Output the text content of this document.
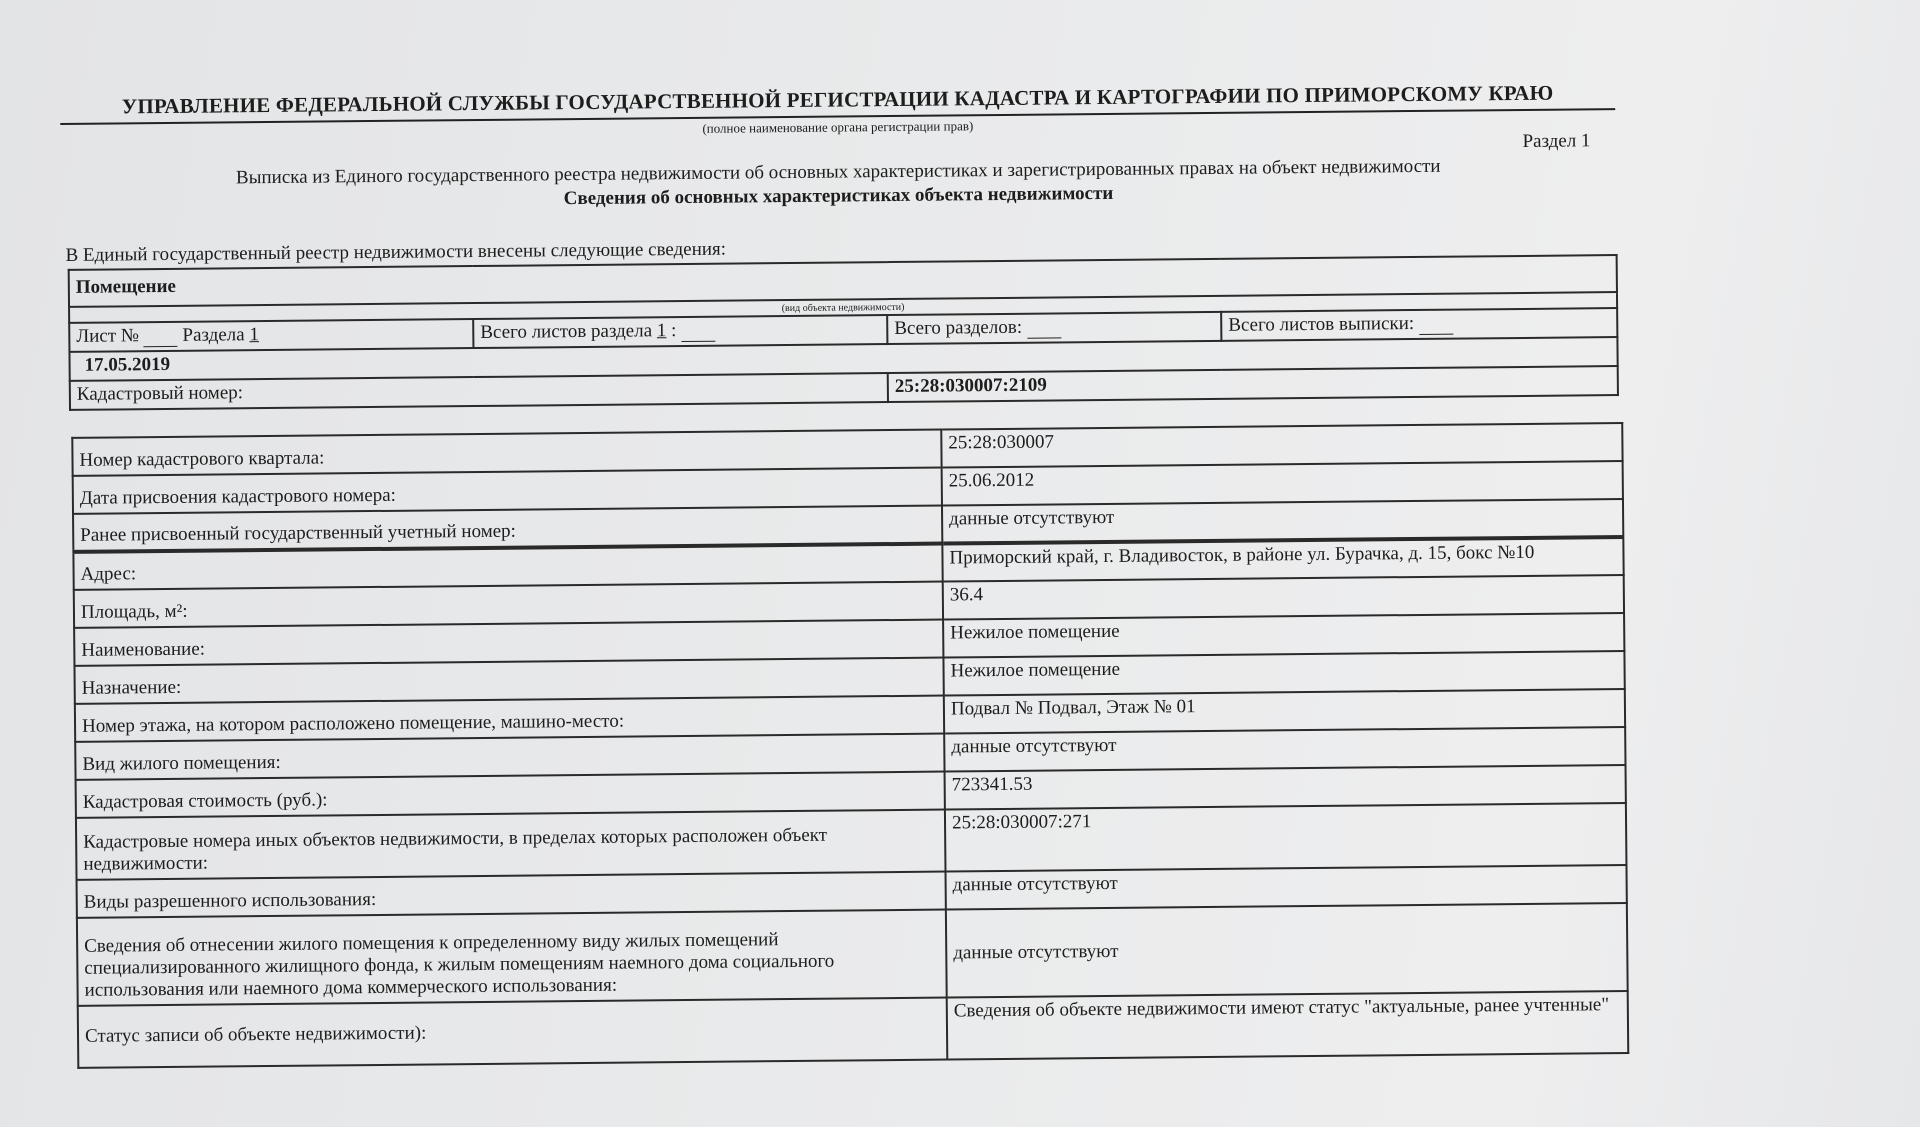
УПРАВЛЕНИЕ ФЕДЕРАЛЬНОЙ СЛУЖБЫ ГОСУДАРСТВЕННОЙ РЕГИСТРАЦИИ КАДАСТРА И КАРТОГРАФИИ ПО ПРИМОРСКОМУ КРАЮ
(полное наименование органа регистрации прав)
Раздел 1
Выписка из Единого государственного реестра недвижимости об основных характеристиках и зарегистрированных правах на объект недвижимости
Сведения об основных характеристиках объекта недвижимости
В Единый государственный реестр недвижимости внесены следующие сведения:
Помещение			
(вид объекта недвижимости)			
Лист № Раздела 1	Всего листов раздела 1 :	Всего разделов:	Всего листов выписки:
17.05.2019			
Кадастровый номер:		25:28:030007:2109	
Номер кадастрового квартала:	25:28:030007
Дата присвоения кадастрового номера:	25.06.2012
Ранее присвоенный государственный учетный номер:	данные отсутствуют
Адрес:	Приморский край, г. Владивосток, в районе ул. Бурачка, д. 15, бокс №10
Площадь, м²:	36.4
Наименование:	Нежилое помещение
Назначение:	Нежилое помещение
Номер этажа, на котором расположено помещение, машино-место:	Подвал № Подвал, Этаж № 01
Вид жилого помещения:	данные отсутствуют
Кадастровая стоимость (руб.):	723341.53
Кадастровые номера иных объектов недвижимости, в пределах которых расположен объект недвижимости:	25:28:030007:271
Виды разрешенного использования:	данные отсутствуют
Сведения об отнесении жилого помещения к определенному виду жилых помещений специализированного жилищного фонда, к жилым помещениям наемного дома социального использования или наемного дома коммерческого использования:	данные отсутствуют
Статус записи об объекте недвижимости):	Сведения об объекте недвижимости имеют статус "актуальные, ранее учтенные"
